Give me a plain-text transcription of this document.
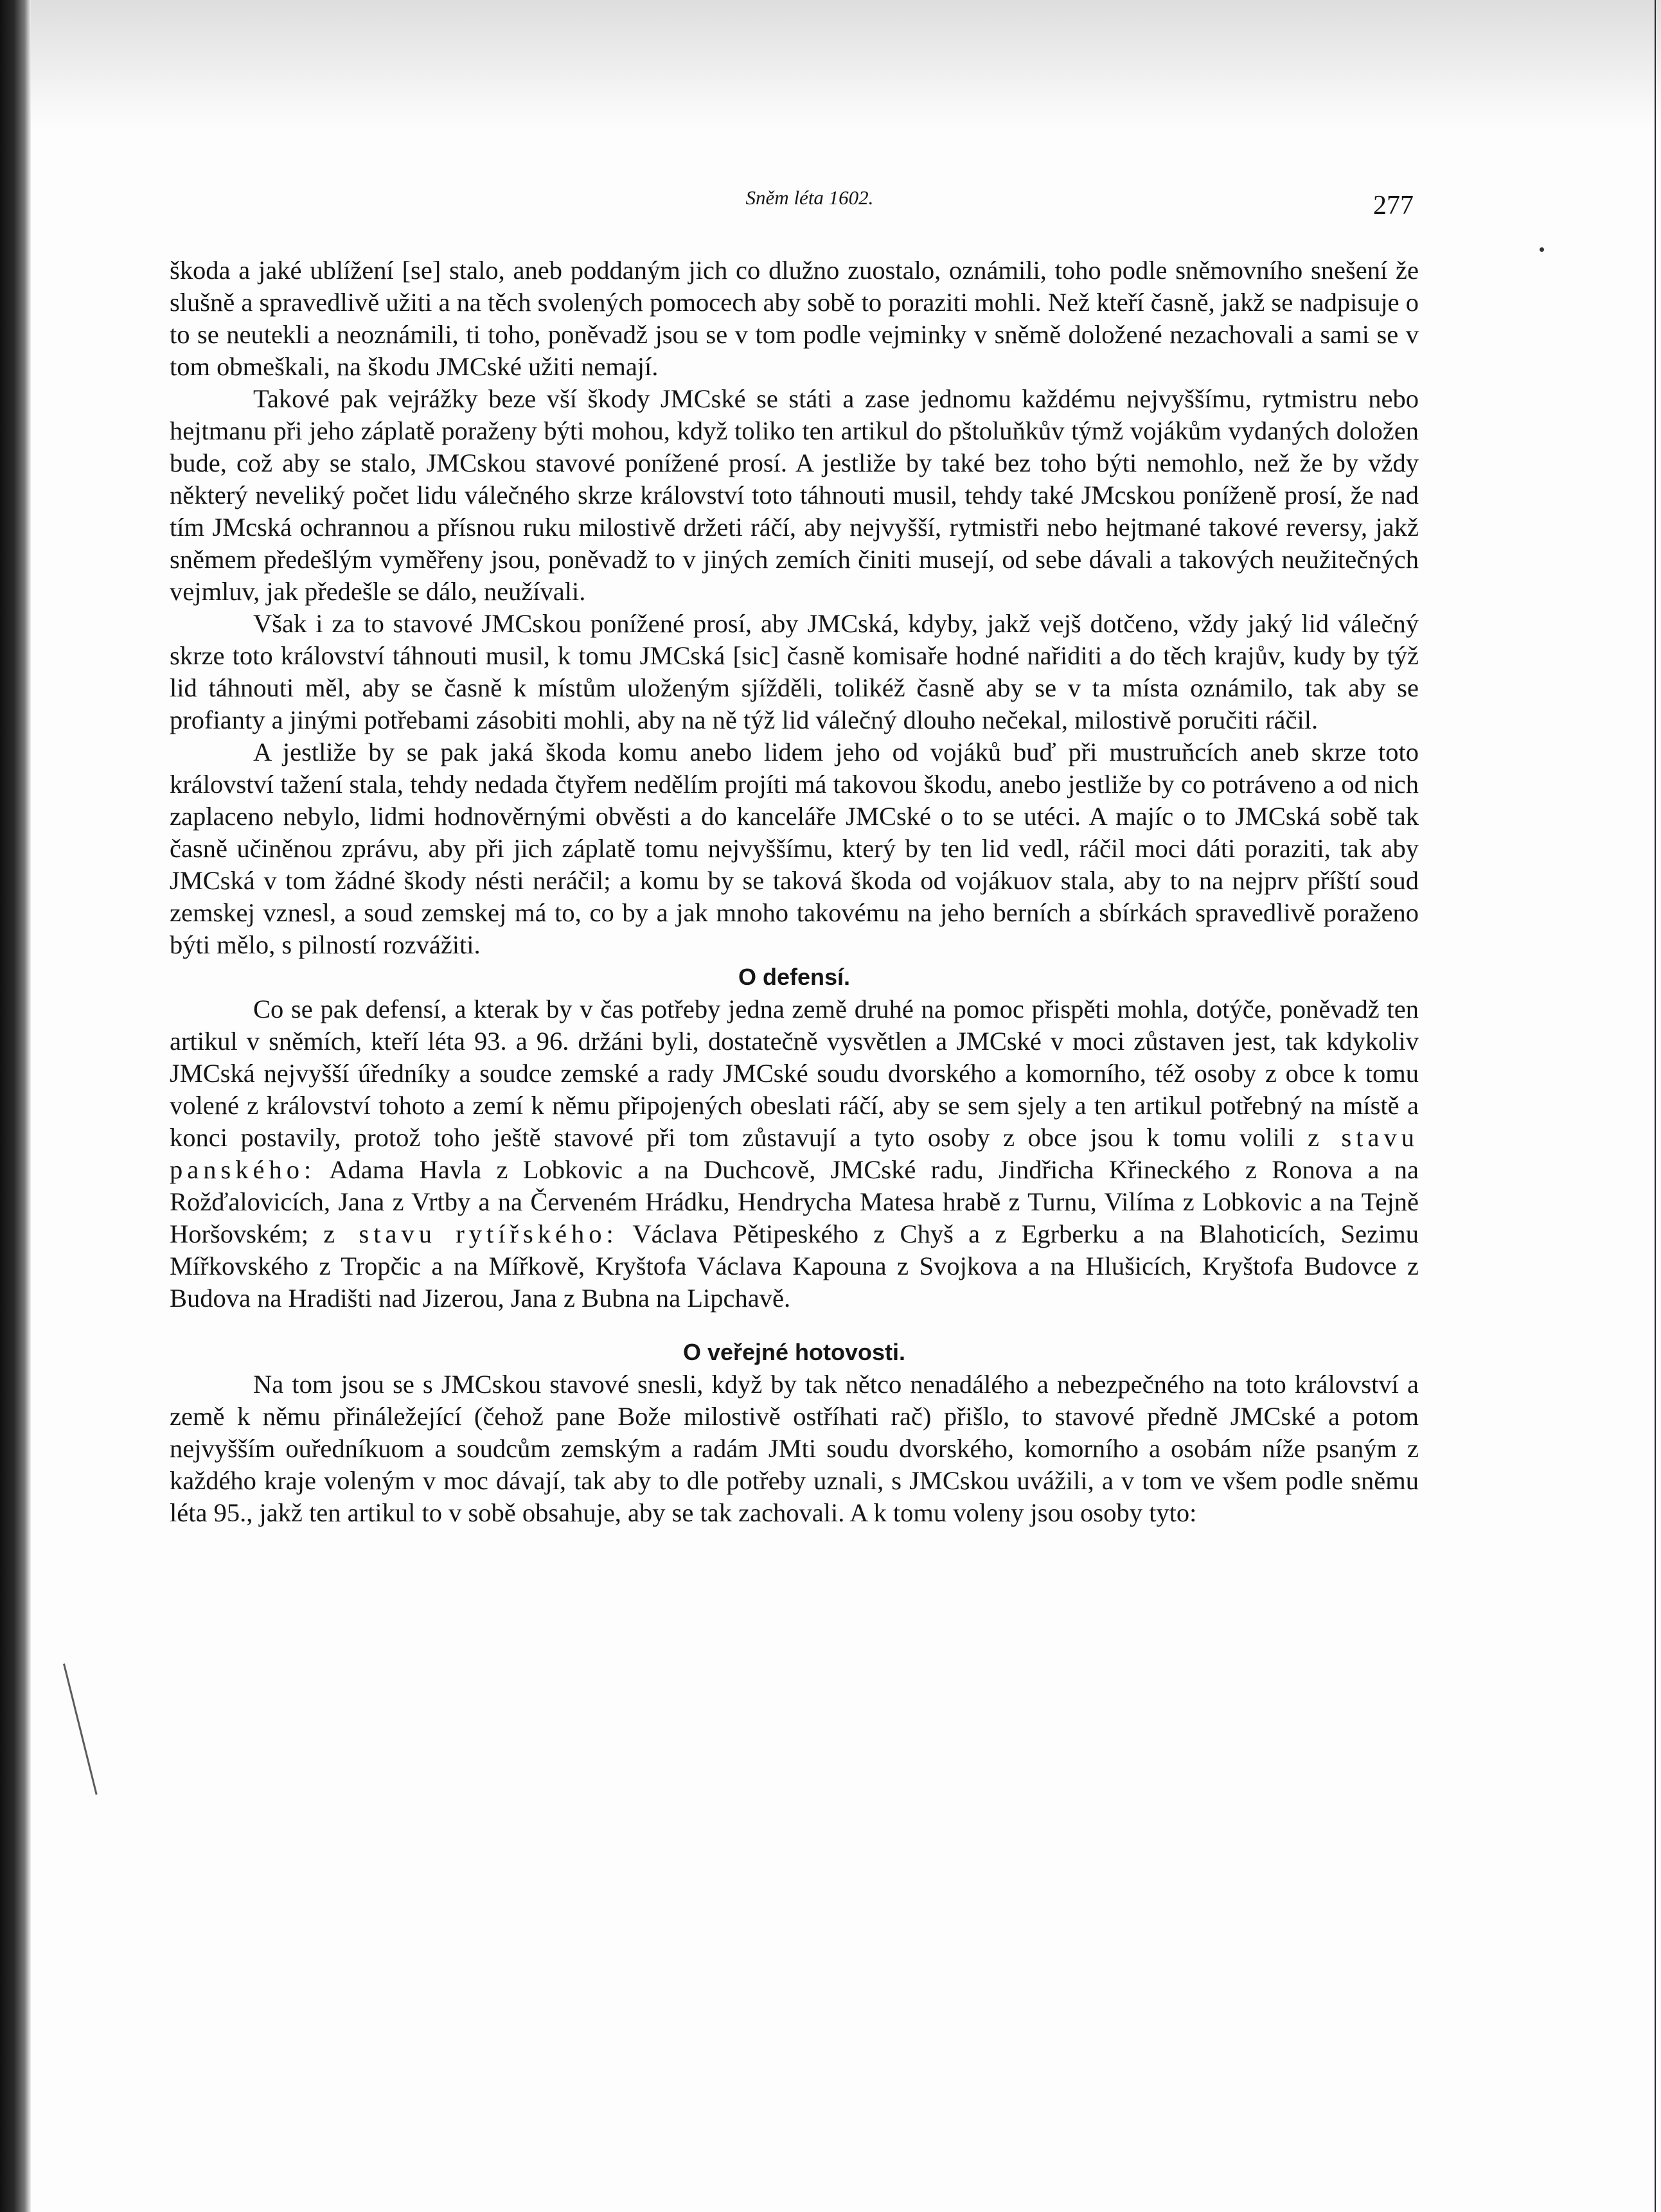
Sněm léta 1602.	277

škoda a jaké ublížení [se] stalo, aneb poddaným jich co dlužno zuostalo, oznámili, toho podle sněmovního snešení že slušně a spravedlivě užiti a na těch svolených pomocech aby sobě to poraziti mohli. Než kteří časně, jakž se nadpisuje o to se neutekli a neoznámili, ti toho, poněvadž jsou se v tom podle vejminky v sněmě doložené nezachovali a sami se v tom obmeškali, na škodu JMCské užiti nemají.

Takové pak vejrážky beze vší škody JMCské se státi a zase jednomu každému nejvyššímu, rytmistru nebo hejtmanu při jeho záplatě poraženy býti mohou, když toliko ten artikul do pštoluňkův týmž vojákům vydaných doložen bude, což aby se stalo, JMCskou stavové ponížené prosí. A jestliže by také bez toho býti nemohlo, než že by vždy některý neveliký počet lidu válečného skrze království toto táhnouti musil, tehdy také JMcskou poníženě prosí, že nad tím JMcská ochrannou a přísnou ruku milostivě držeti ráčí, aby nejvyšší, rytmistři nebo hejtmané takové reversy, jakž sněmem předešlým vyměřeny jsou, poněvadž to v jiných zemích činiti musejí, od sebe dávali a takových neužitečných vejmluv, jak předešle se dálo, neužívali.

Však i za to stavové JMCskou ponížené prosí, aby JMCská, kdyby, jakž vejš dotčeno, vždy jaký lid válečný skrze toto království táhnouti musil, k tomu JMCská [sic] časně komisaře hodné nařiditi a do těch krajův, kudy by týž lid táhnouti měl, aby se časně k místům uloženým sjížděli, tolikéž časně aby se v ta místa oznámilo, tak aby se profianty a jinými potřebami zásobiti mohli, aby na ně týž lid válečný dlouho nečekal, milostivě poručiti ráčil.

A jestliže by se pak jaká škoda komu anebo lidem jeho od vojáků buď při mustruňcích aneb skrze toto království tažení stala, tehdy nedada čtyřem nedělím projíti má takovou škodu, anebo jestliže by co potráveno a od nich zaplaceno nebylo, lidmi hodnověrnými obvěsti a do kanceláře JMCské o to se utéci. A majíc o to JMCská sobě tak časně učiněnou zprávu, aby při jich záplatě tomu nejvyššímu, který by ten lid vedl, ráčil moci dáti poraziti, tak aby JMCská v tom žádné škody nésti neráčil; a komu by se taková škoda od vojákuov stala, aby to na nejprv příští soud zemskej vznesl, a soud zemskej má to, co by a jak mnoho takovému na jeho berních a sbírkách spravedlivě poraženo býti mělo, s pilností rozvážiti.

O defensí.

Co se pak defensí, a kterak by v čas potřeby jedna země druhé na pomoc přispěti mohla, dotýče, poněvadž ten artikul v sněmích, kteří léta 93. a 96. držáni byli, dostatečně vysvětlen a JMCské v moci zůstaven jest, tak kdykoliv JMCská nejvyšší úředníky a soudce zemské a rady JMCské soudu dvorského a komorního, též osoby z obce k tomu volené z království tohoto a zemí k němu připojených obeslati ráčí, aby se sem sjely a ten artikul potřebný na místě a konci postavily, protož toho ještě stavové při tom zůstavují a tyto osoby z obce jsou k tomu volili z stavu panského: Adama Havla z Lobkovic a na Duchcově, JMCské radu, Jindřicha Křineckého z Ronova a na Rožďalovicích, Jana z Vrtby a na Červeném Hrádku, Hendrycha Matesa hrabě z Turnu, Vilíma z Lobkovic a na Tejně Horšovském; z stavu rytířského: Václava Pětipeského z Chyš a z Egrberku a na Blahoticích, Sezimu Mířkovského z Tropčic a na Mířkově, Kryštofa Václava Kapouna z Svojkova a na Hlušicích, Kryštofa Budovce z Budova na Hradišti nad Jizerou, Jana z Bubna na Lipchavě.

O veřejné hotovosti.

Na tom jsou se s JMCskou stavové snesli, když by tak nětco nenadálého a nebezpečného na toto království a země k němu přináležející (čehož pane Bože milostivě ostříhati rač) přišlo, to stavové předně JMCské a potom nejvyšším ouředníkuom a soudcům zemským a radám JMti soudu dvorského, komorního a osobám níže psaným z každého kraje voleným v moc dávají, tak aby to dle potřeby uznali, s JMCskou uvážili, a v tom ve všem podle sněmu léta 95., jakž ten artikul to v sobě obsahuje, aby se tak zachovali. A k tomu voleny jsou osoby tyto:
